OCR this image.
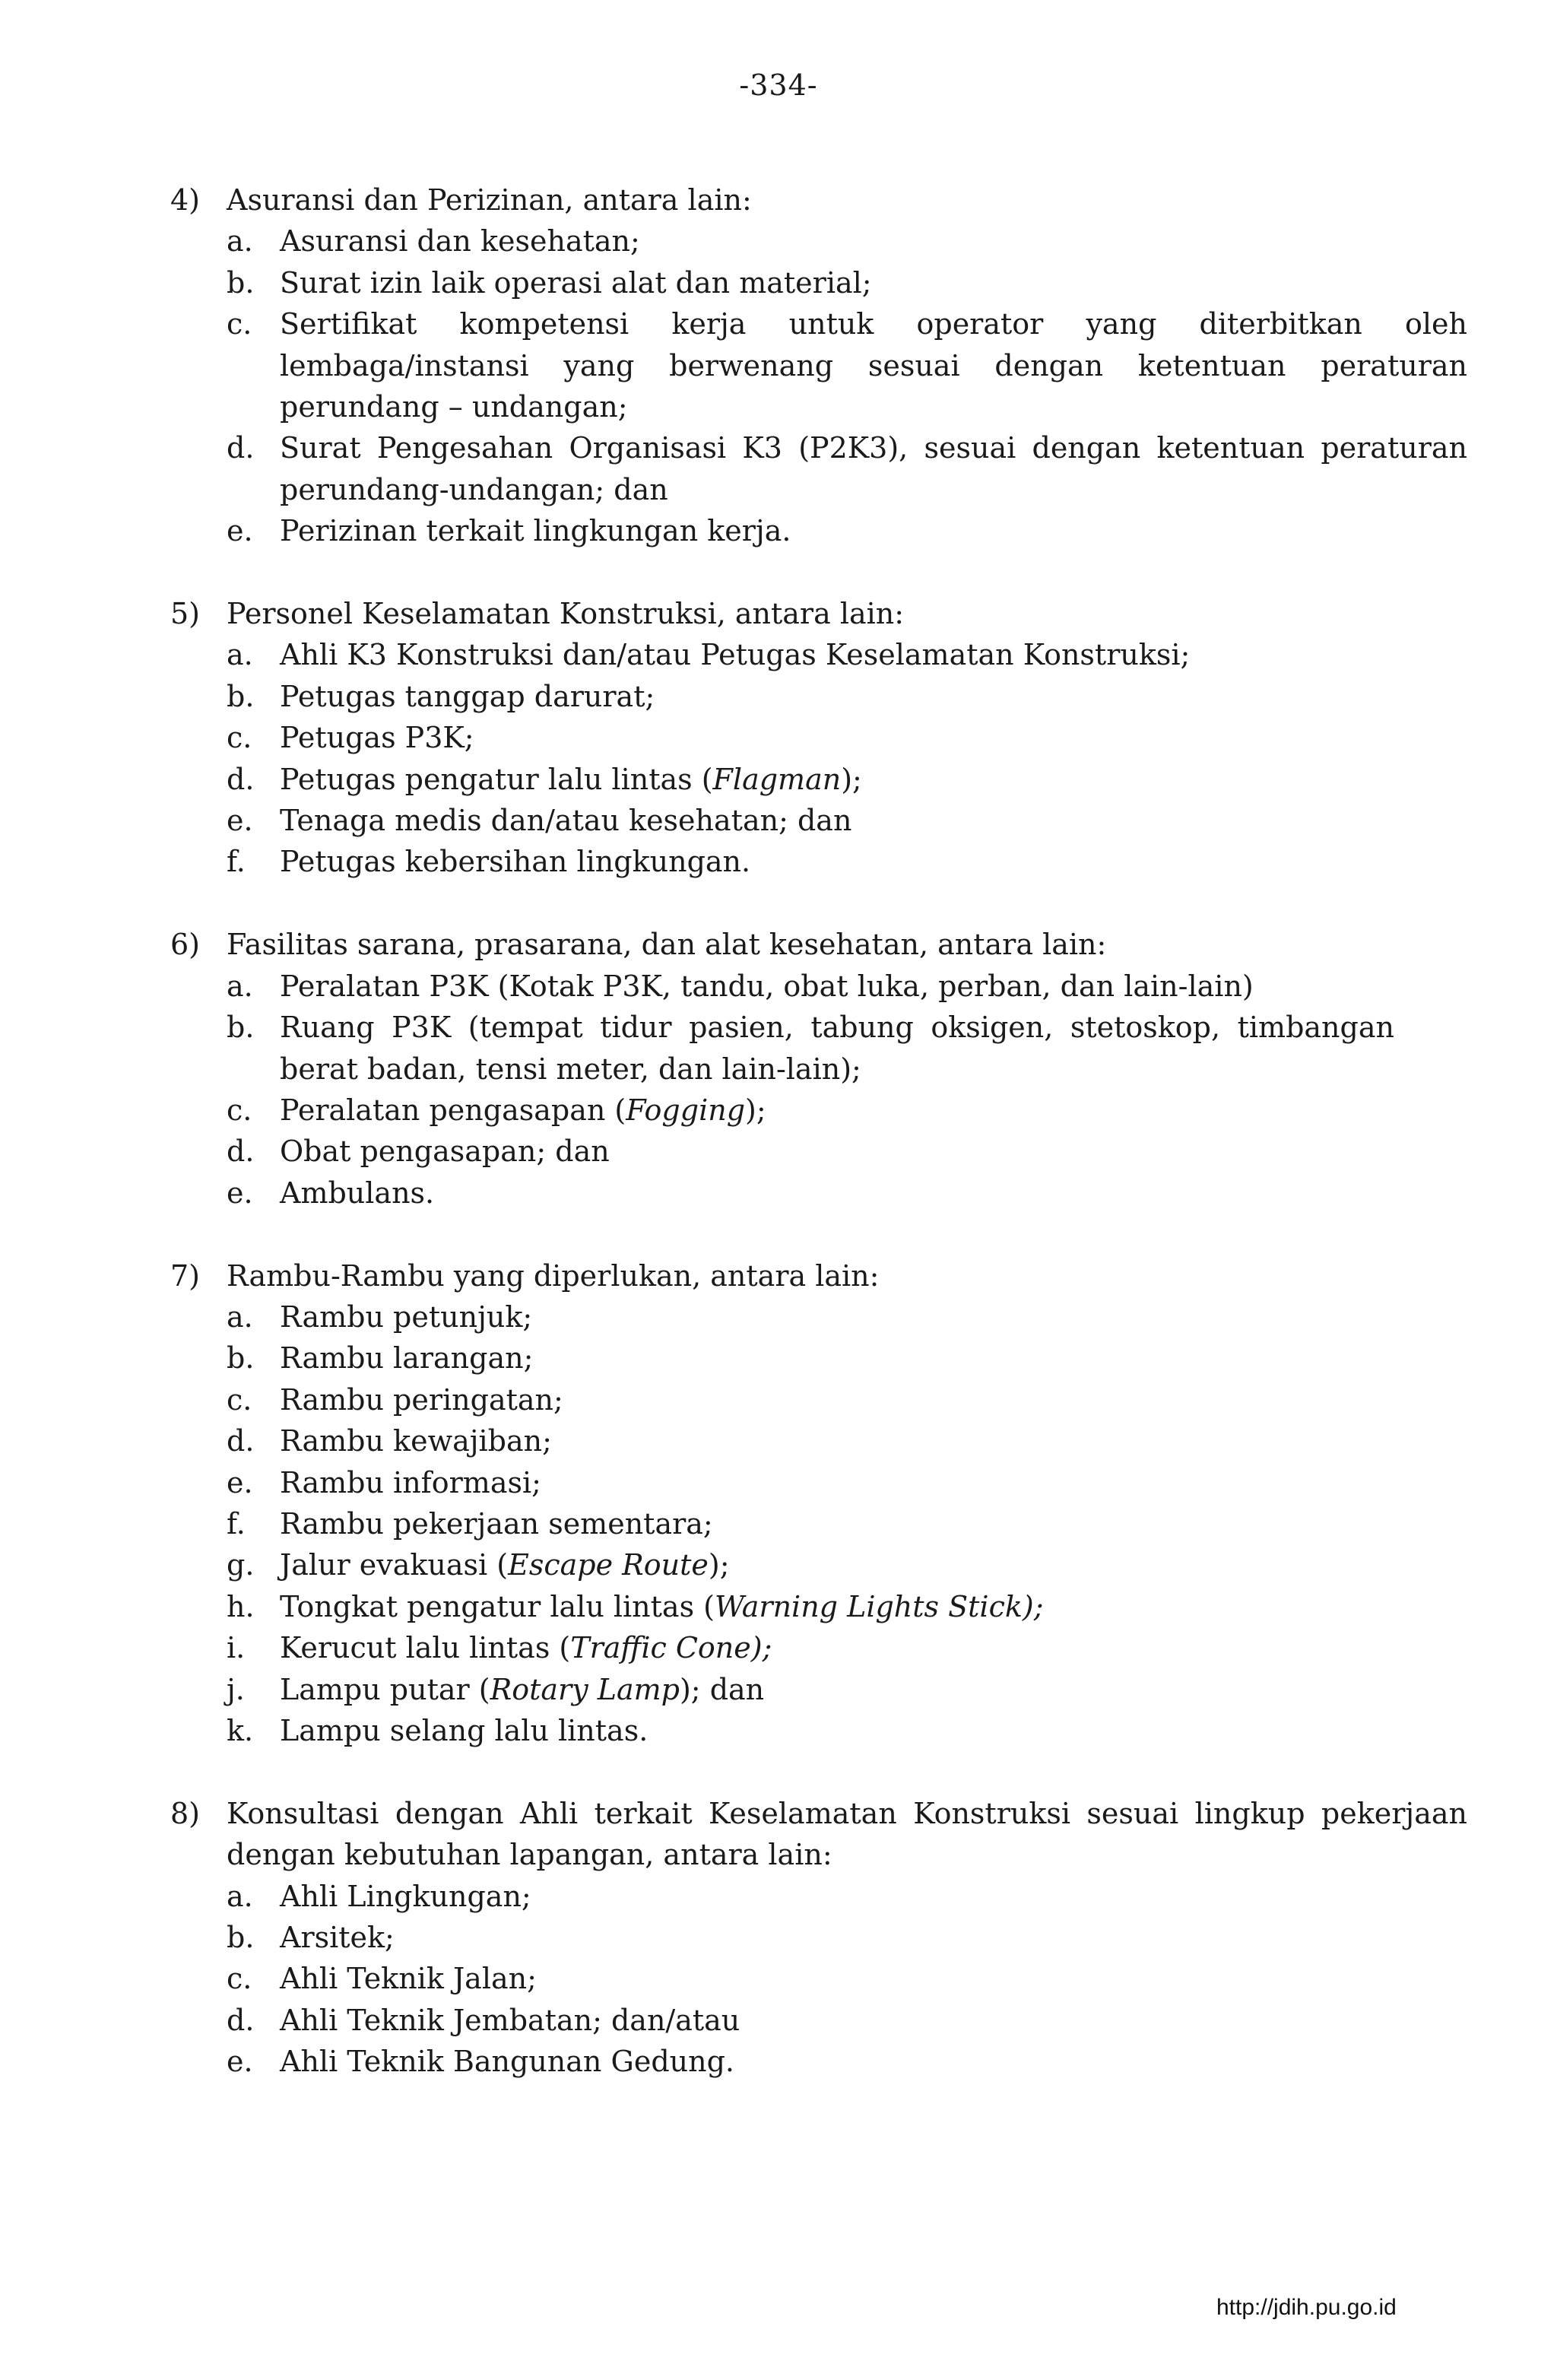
-334-
4) Asuransi dan Perizinan, antara lain:
a. Asuransi dan kesehatan;
b. Surat izin laik operasi alat dan material;
c. Sertifikat kompetensi kerja untuk operator yang diterbitkan oleh lembaga/instansi yang berwenang sesuai dengan ketentuan peraturan perundang – undangan;
d. Surat Pengesahan Organisasi K3 (P2K3), sesuai dengan ketentuan peraturan perundang-undangan; dan
e. Perizinan terkait lingkungan kerja.
5) Personel Keselamatan Konstruksi, antara lain:
a. Ahli K3 Konstruksi dan/atau Petugas Keselamatan Konstruksi;
b. Petugas tanggap darurat;
c. Petugas P3K;
d. Petugas pengatur lalu lintas (Flagman);
e. Tenaga medis dan/atau kesehatan; dan
f.	Petugas kebersihan lingkungan.
6) Fasilitas sarana, prasarana, dan alat kesehatan, antara lain:
a. Peralatan P3K (Kotak P3K, tandu, obat luka, perban, dan lain-lain)
b. Ruang P3K (tempat tidur pasien, tabung oksigen, stetoskop, timbangan berat badan, tensi meter, dan lain-lain);
c. Peralatan pengasapan (Fogging);
d. Obat pengasapan; dan
e. Ambulans.
7) Rambu-Rambu yang diperlukan, antara lain:
a. Rambu petunjuk;
b. Rambu larangan;
c. Rambu peringatan;
d. Rambu kewajiban;
e. Rambu informasi;
f.	Rambu pekerjaan sementara;
g. Jalur evakuasi (Escape Route);
h. Tongkat pengatur lalu lintas (Warning Lights Stick);
i.	Kerucut lalu lintas (Traffic Cone);
j.	Lampu putar (Rotary Lamp); dan
k. Lampu selang lalu lintas.
8) Konsultasi dengan Ahli terkait Keselamatan Konstruksi sesuai lingkup pekerjaan dengan kebutuhan lapangan, antara lain:
a. Ahli Lingkungan;
b. Arsitek;
c. Ahli Teknik Jalan;
d. Ahli Teknik Jembatan; dan/atau
e. Ahli Teknik Bangunan Gedung.
http://jdih.pu.go.id
